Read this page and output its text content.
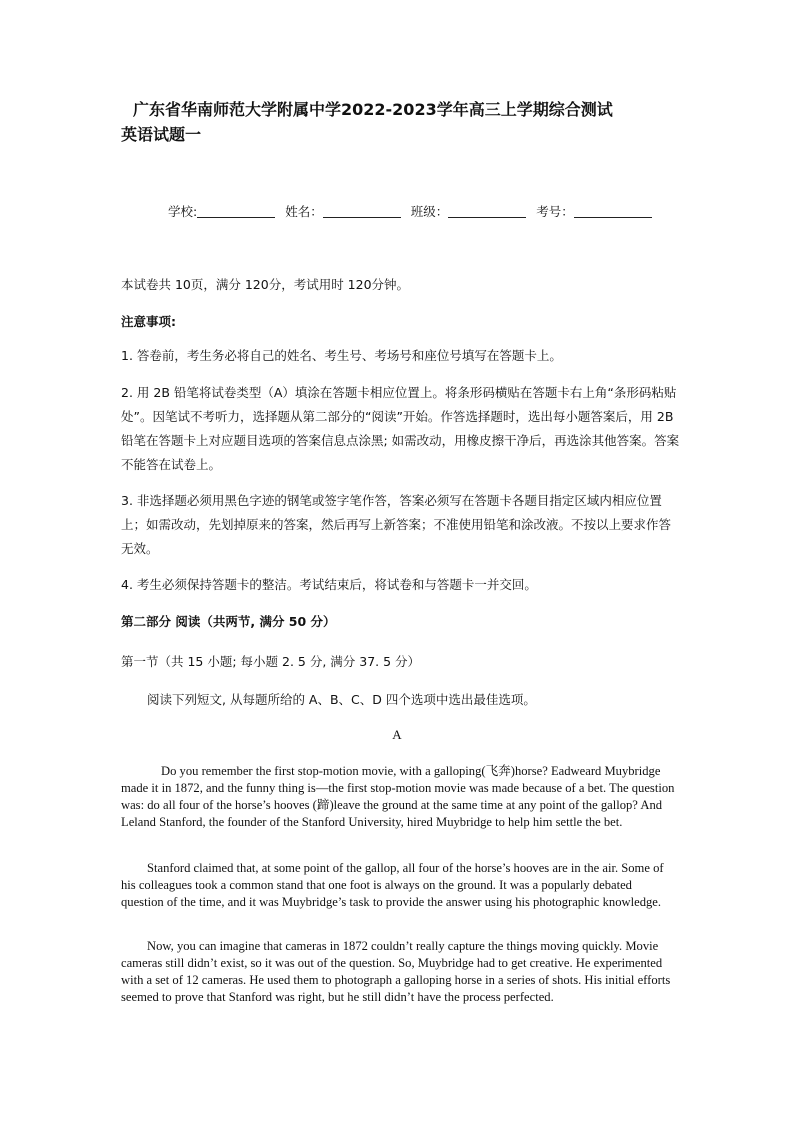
广东省华南师范大学附属中学2022-2023学年高三上学期综合测试
英语试题一
学校:	姓名：	班级：	考号：
本试卷共 10页，满分 120分，考试用时 120分钟。
注意事项:
1. 答卷前，考生务必将自己的姓名、考生号、考场号和座位号填写在答题卡上。
2. 用 2B 铅笔将试卷类型（A）填涂在答题卡相应位置上。将条形码横贴在答题卡右上角“条形码粘贴处”。因笔试不考听力，选择题从第二部分的“阅读”开始。作答选择题时，选出每小题答案后，用 2B 铅笔在答题卡上对应题目选项的答案信息点涂黑; 如需改动，用橡皮擦干净后，再选涂其他答案。答案不能答在试卷上。
3. 非选择题必须用黑色字迹的钢笔或签字笔作答，答案必须写在答题卡各题目指定区域内相应位置上；如需改动，先划掉原来的答案，然后再写上新答案；不准使用铅笔和涂改液。不按以上要求作答无效。
4. 考生必须保持答题卡的整洁。考试结束后，将试卷和与答题卡一并交回。
第二部分 阅读（共两节, 满分 50 分）
第一节（共 15 小题; 每小题 2. 5 分, 满分 37. 5 分）
阅读下列短文, 从每题所给的 A、B、C、D 四个选项中选出最佳选项。
A
Do you remember the first stop-motion movie, with a galloping(飞奔)horse? Eadweard Muybridge made it in 1872, and the funny thing is—the first stop-motion movie was made because of a bet. The question was: do all four of the horse’s hooves (蹄)leave the ground at the same time at any point of the gallop? And Leland Stanford, the founder of the Stanford University, hired Muybridge to help him settle the bet.
Stanford claimed that, at some point of the gallop, all four of the horse’s hooves are in the air. Some of his colleagues took a common stand that one foot is always on the ground. It was a popularly debated question of the time, and it was Muybridge’s task to provide the answer using his photographic knowledge.
Now, you can imagine that cameras in 1872 couldn’t really capture the things moving quickly. Movie cameras still didn’t exist, so it was out of the question. So, Muybridge had to get creative. He experimented with a set of 12 cameras. He used them to photograph a galloping horse in a series of shots. His initial efforts seemed to prove that Stanford was right, but he still didn’t have the process perfected.
